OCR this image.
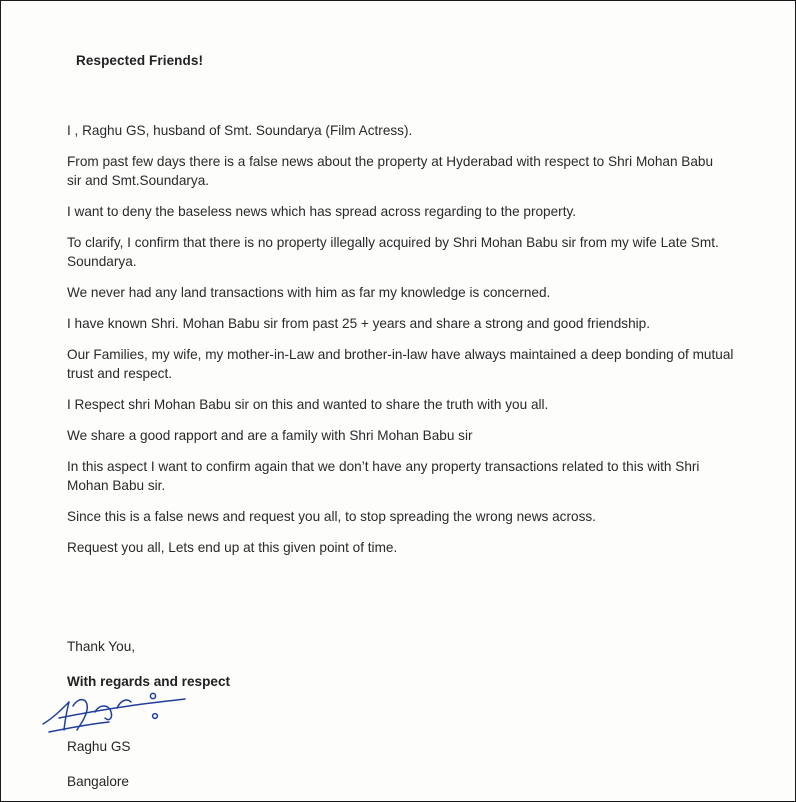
Respected Friends!

I , Raghu GS, husband of Smt. Soundarya (Film Actress).

From past few days there is a false news about the property at Hyderabad with respect to Shri Mohan Babu sir and Smt.Soundarya.

I want to deny the baseless news which has spread across regarding to the property.

To clarify, I confirm that there is no property illegally acquired by Shri Mohan Babu sir from my wife Late Smt. Soundarya.

We never had any land transactions with him as far my knowledge is concerned.

I have known Shri. Mohan Babu sir from past 25 + years and share a strong and good friendship.

Our Families, my wife, my mother-in-Law and brother-in-law have always maintained a deep bonding of mutual trust and respect.

I Respect shri Mohan Babu sir on this and wanted to share the truth with you all.

We share a good rapport and are a family with Shri Mohan Babu sir

In this aspect I want to confirm again that we don’t have any property transactions related to this with Shri Mohan Babu sir.

Since this is a false news and request you all, to stop spreading the wrong news across.

Request you all, Lets end up at this given point of time.

Thank You,

With regards and respect

Raghu GS

Bangalore
